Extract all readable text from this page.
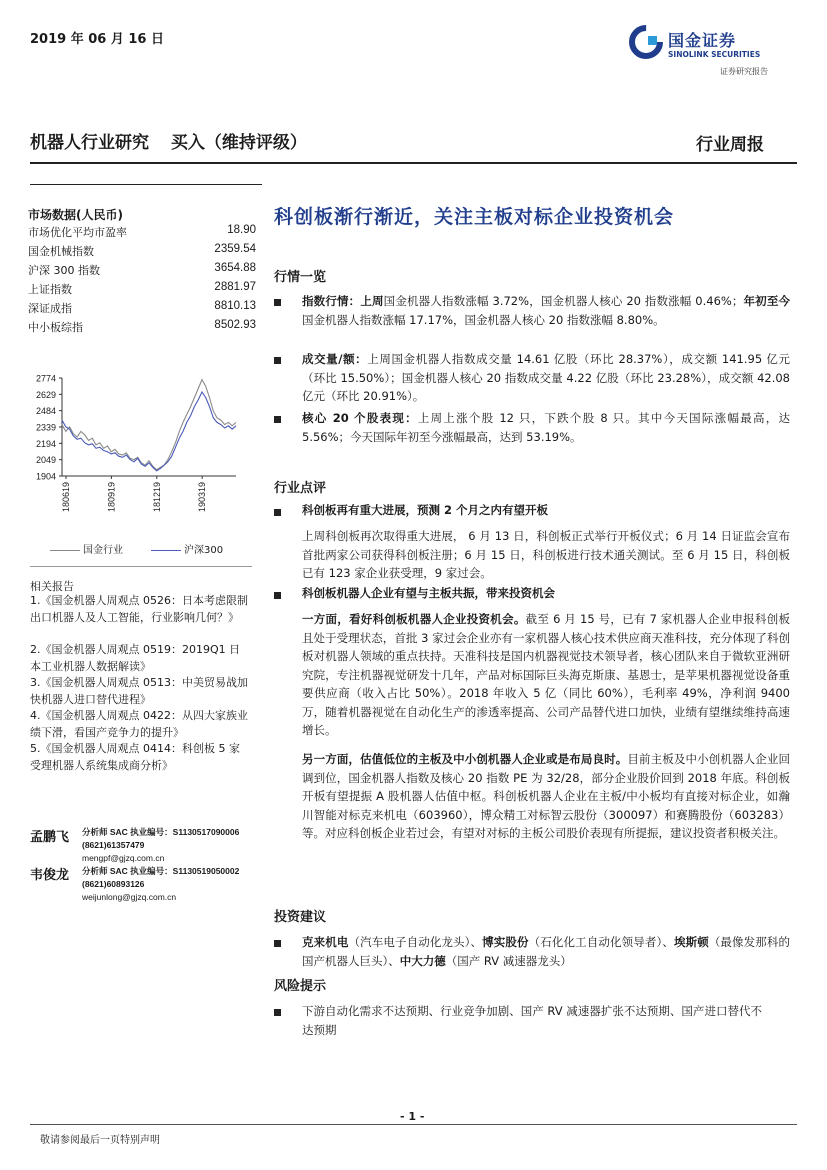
2019 年 06 月 16 日	国金证券
SINOLINK SECURITIES
证券研究报告
机器人行业研究 买入（维持评级）	行业周报
市场数据(人民币)
市场优化平均市盈率	18.90
国金机械指数	2359.54
沪深 300 指数	3654.88
上证指数	2881.97
深证成指	8810.13
中小板综指	8502.93
2774
2629
2484
2339
2194
2049
1904
180619	180919	181219	190319
国金行业	沪深300
相关报告
1.《国金机器人周观点 0526：日本考虑限制出口机器人及人工智能，行业影响几何？》
2.《国金机器人周观点 0519：2019Q1 日本工业机器人数据解读》
3.《国金机器人周观点 0513：中美贸易战加快机器人进口替代进程》
4.《国金机器人周观点 0422：从四大家族业绩下滑，看国产竞争力的提升》
5.《国金机器人周观点 0414：科创板 5 家受理机器人系统集成商分析》
孟鹏飞 分析师 SAC 执业编号：S1130517090006
(8621)61357479
mengpf@gjzq.com.cn
韦俊龙 分析师 SAC 执业编号：S1130519050002
(8621)60893126
weijunlong@gjzq.com.cn
科创板渐行渐近，关注主板对标企业投资机会
行情一览
指数行情：上周国金机器人指数涨幅 3.72%，国金机器人核心 20 指数涨幅 0.46%；年初至今国金机器人指数涨幅 17.17%，国金机器人核心 20 指数涨幅 8.80%。
成交量/额：上周国金机器人指数成交量 14.61 亿股（环比 28.37%），成交额 141.95 亿元（环比 15.50%）；国金机器人核心 20 指数成交量 4.22 亿股（环比 23.28%），成交额 42.08 亿元（环比 20.91%）。
核心 20 个股表现：上周上涨个股 12 只，下跌个股 8 只。其中今天国际涨幅最高，达 5.56%；今天国际年初至今涨幅最高，达到 53.19%。
行业点评
科创板再有重大进展，预测 2 个月之内有望开板
上周科创板再次取得重大进展， 6 月 13 日，科创板正式举行开板仪式；6 月 14 日证监会宣布首批两家公司获得科创板注册；6 月 15 日，科创板进行技术通关测试。至 6 月 15 日，科创板已有 123 家企业获受理，9 家过会。
科创板机器人企业有望与主板共振，带来投资机会
一方面，看好科创板机器人企业投资机会。截至 6 月 15 号，已有 7 家机器人企业申报科创板且处于受理状态，首批 3 家过会企业亦有一家机器人核心技术供应商天准科技，充分体现了科创板对机器人领域的重点扶持。天准科技是国内机器视觉技术领导者，核心团队来自于微软亚洲研究院，专注机器视觉研发十几年，产品对标国际巨头海克斯康、基恩士，是苹果机器视觉设备重要供应商（收入占比 50%）。2018 年收入 5 亿（同比 60%），毛利率 49%，净利润 9400 万，随着机器视觉在自动化生产的渗透率提高、公司产品替代进口加快，业绩有望继续维持高速增长。
另一方面，估值低位的主板及中小创机器人企业或是布局良时。目前主板及中小创机器人企业回调到位，国金机器人指数及核心 20 指数 PE 为 32/28，部分企业股价回到 2018 年底。科创板开板有望提振 A 股机器人估值中枢。科创板机器人企业在主板/中小板均有直接对标企业，如瀚川智能对标克来机电（603960），博众精工对标智云股份（300097）和赛腾股份（603283）等。对应科创板企业若过会，有望对对标的主板公司股价表现有所提振，建议投资者积极关注。
投资建议
克来机电（汽车电子自动化龙头）、博实股份（石化化工自动化领导者）、埃斯顿（最像发那科的国产机器人巨头）、中大力德（国产 RV 减速器龙头）
风险提示
下游自动化需求不达预期、行业竞争加剧、国产 RV 减速器扩张不达预期、国产进口替代不达预期
- 1 -
敬请参阅最后一页特别声明
